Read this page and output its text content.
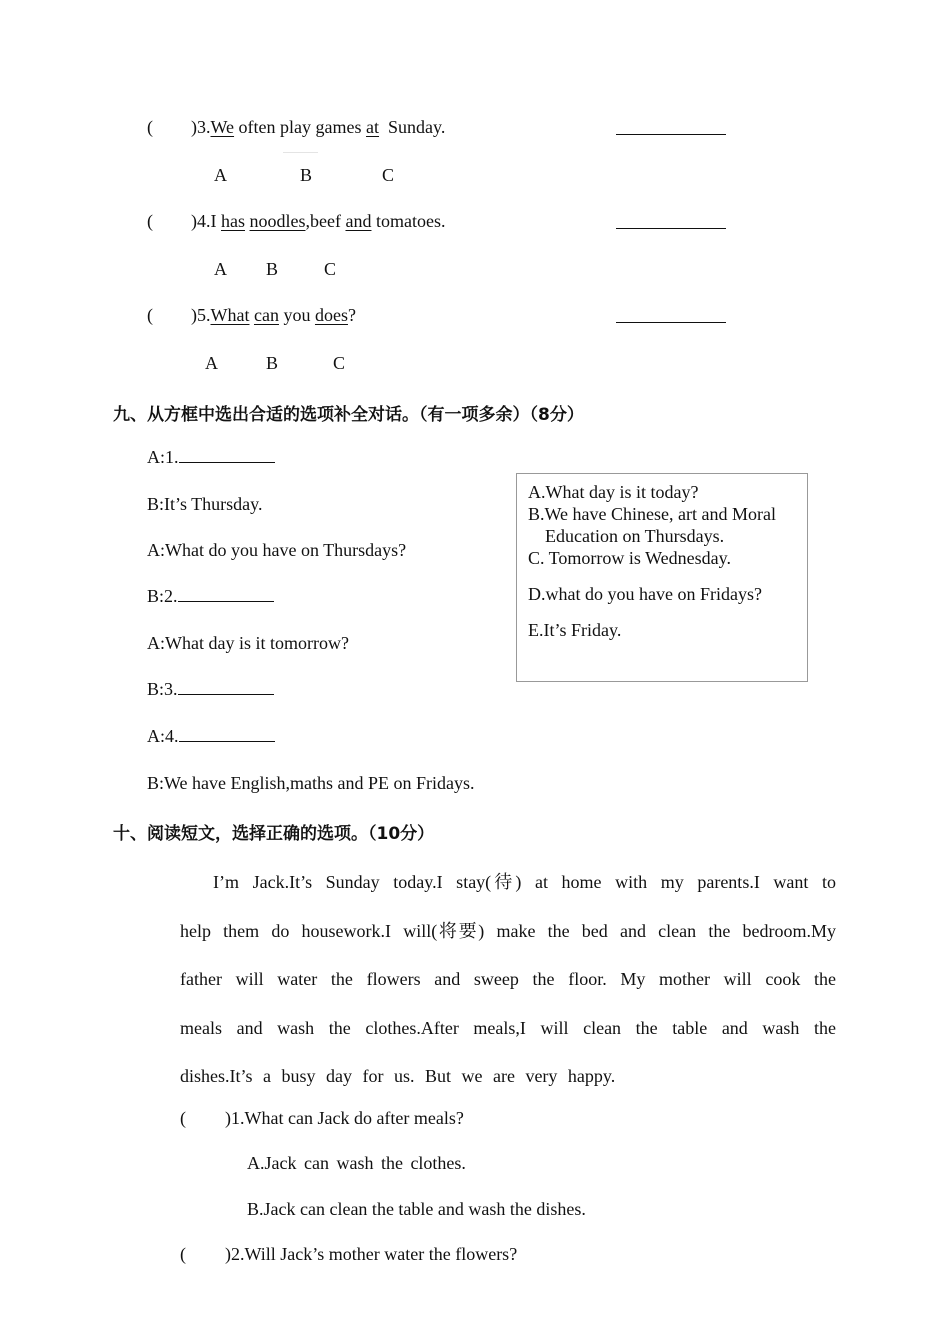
( )3.We often play games at  Sunday.
A	B	C
( )4.I has noodles,beef and tomatoes.
A B	C
( )5.What can you does?
A	B	C
九、从方框中选出合适的选项补全对话。（有一项多余）（8分）
A:1.
B:It’s Thursday.
A:What do you have on Thursdays?
B:2.
A:What day is it tomorrow?
B:3.
A:4.
B:We have English,maths and PE on Fridays.
A.What day is it today?
B.We have Chinese, art and Moral
Education on Thursdays.
C. Tomorrow is Wednesday.
D.what do you have on Fridays?
E.It’s Friday.
十、阅读短文，选择正确的选项。（10分）

I’m Jack.It’s Sunday today.I stay(待) at home with my parents.I want to help them do housework.I will(将要) make the bed and clean the bedroom.My father will water the flowers and sweep the floor. My mother will cook the meals and wash the clothes.After meals,I will clean the table and wash the dishes.It’s a busy day for us. But we are very happy.

( )1.What can Jack do after meals?
A.Jack can wash the clothes.
B.Jack can clean the table and wash the dishes.
( )2.Will Jack’s mother water the flowers?
